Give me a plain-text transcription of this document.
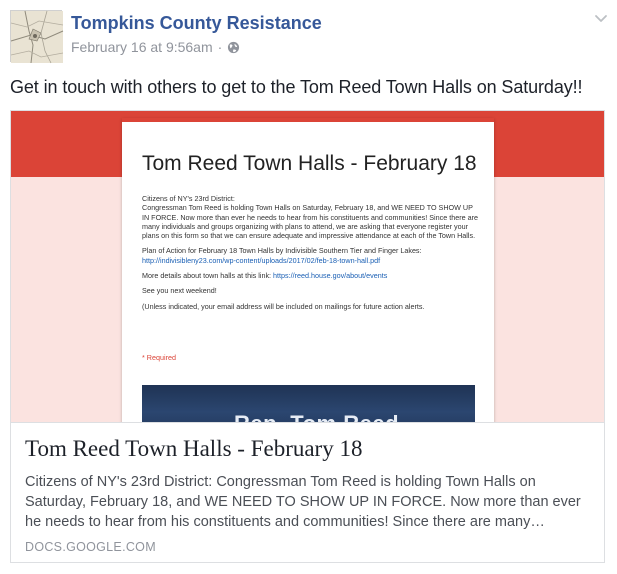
Tompkins County Resistance
February 16 at 9:56am ·
Get in touch with others to get to the Tom Reed Town Halls on Saturday!!
Tom Reed Town Halls - February 18

Citizens of NY's 23rd District:
Congressman Tom Reed is holding Town Halls on Saturday, February 18, and WE NEED TO SHOW UP IN FORCE. Now more than ever he needs to hear from his constituents and communities! Since there are many individuals and groups organizing with plans to attend, we are asking that everyone register your plans on this form so that we can ensure adequate and impressive attendance at each of the Town Halls.

Plan of Action for February 18 Town Halls by Indivisible Southern Tier and Finger Lakes:
http://indivisibleny23.com/wp-content/uploads/2017/02/feb-18-town-hall.pdf

More details about town halls at this link: https://reed.house.gov/about/events

See you next weekend!

(Unless indicated, your email address will be included on mailings for future action alerts.

* Required
Tom Reed Town Halls - February 18
Citizens of NY's 23rd District: Congressman Tom Reed is holding Town Halls on Saturday, February 18, and WE NEED TO SHOW UP IN FORCE. Now more than ever he needs to hear from his constituents and communities! Since there are many…
DOCS.GOOGLE.COM
